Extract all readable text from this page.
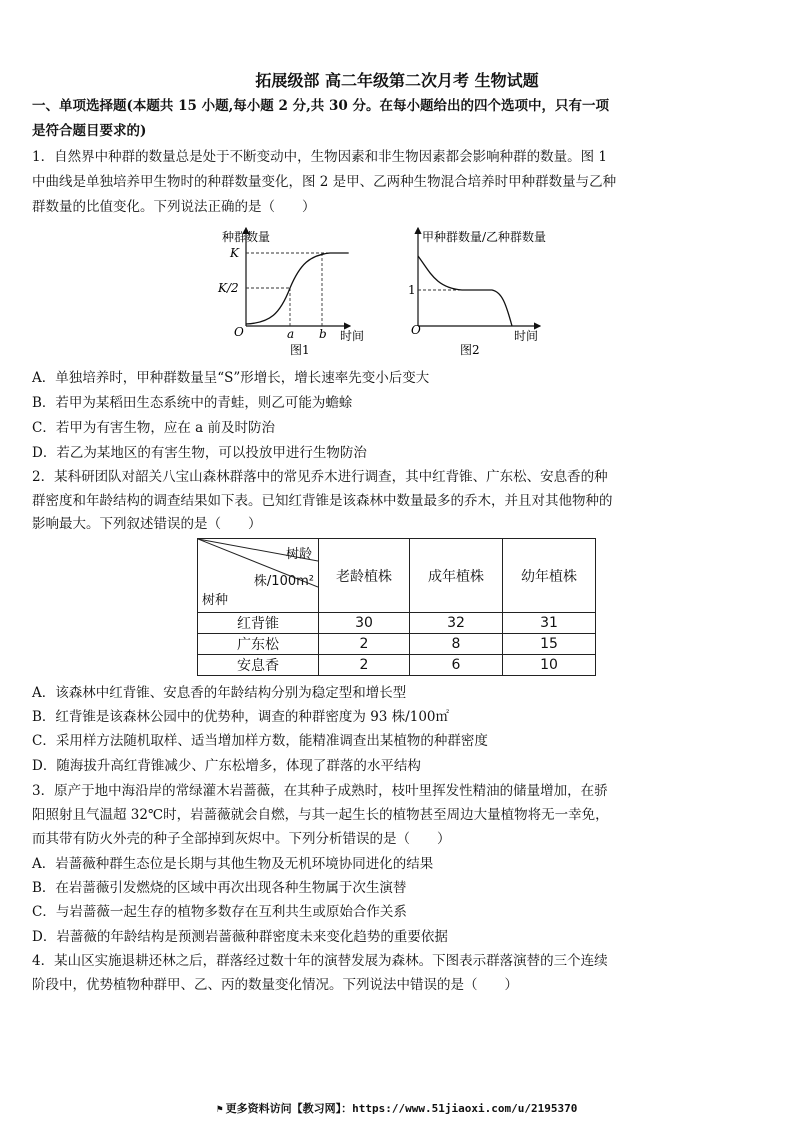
拓展级部 高二年级第二次月考 生物试题
一、单项选择题(本题共 15 小题,每小题 2 分,共 30 分。在每小题给出的四个选项中，只有一项
是符合题目要求的)
1．自然界中种群的数量总是处于不断变动中，生物因素和非生物因素都会影响种群的数量。图 1
中曲线是单独培养甲生物时的种群数量变化，图 2 是甲、乙两种生物混合培养时甲种群数量与乙种
群数量的比值变化。下列说法正确的是（　　）
种群数量
K
K/2
O	a b 时间
图1
甲种群数量/乙种群数量
1
O	时间
图2
A．单独培养时，甲种群数量呈“S”形增长，增长速率先变小后变大
B．若甲为某稻田生态系统中的青蛙，则乙可能为蟾蜍
C．若甲为有害生物，应在 a 前及时防治
D．若乙为某地区的有害生物，可以投放甲进行生物防治
2．某科研团队对韶关八宝山森林群落中的常见乔木进行调查，其中红背锥、广东松、安息香的种
群密度和年龄结构的调查结果如下表。已知红背锥是该森林中数量最多的乔木，并且对其他物种的
影响最大。下列叙述错误的是（　　）
树龄
株/100m²
树种	老龄植株	成年植株	幼年植株
红背锥	30	32	31
广东松	2	8	15
安息香	2	6	10
A．该森林中红背锥、安息香的年龄结构分别为稳定型和增长型
B．红背锥是该森林公园中的优势种，调查的种群密度为 93 株/100㎡
C．采用样方法随机取样、适当增加样方数，能精准调查出某植物的种群密度
D．随海拔升高红背锥减少、广东松增多，体现了群落的水平结构
3．原产于地中海沿岸的常绿灌木岩蔷薇，在其种子成熟时，枝叶里挥发性精油的储量增加，在骄
阳照射且气温超 32℃时，岩蔷薇就会自燃，与其一起生长的植物甚至周边大量植物将无一幸免，
而其带有防火外壳的种子全部掉到灰烬中。下列分析错误的是（　　）
A．岩蔷薇种群生态位是长期与其他生物及无机环境协同进化的结果
B．在岩蔷薇引发燃烧的区域中再次出现各种生物属于次生演替
C．与岩蔷薇一起生存的植物多数存在互利共生或原始合作关系
D．岩蔷薇的年龄结构是预测岩蔷薇种群密度未来变化趋势的重要依据
4．某山区实施退耕还林之后，群落经过数十年的演替发展为森林。下图表示群落演替的三个连续
阶段中，优势植物种群甲、乙、丙的数量变化情况。下列说法中错误的是（　　）
⚑ 更多资料访问【教习网】：https://www.51jiaoxi.com/u/2195370
